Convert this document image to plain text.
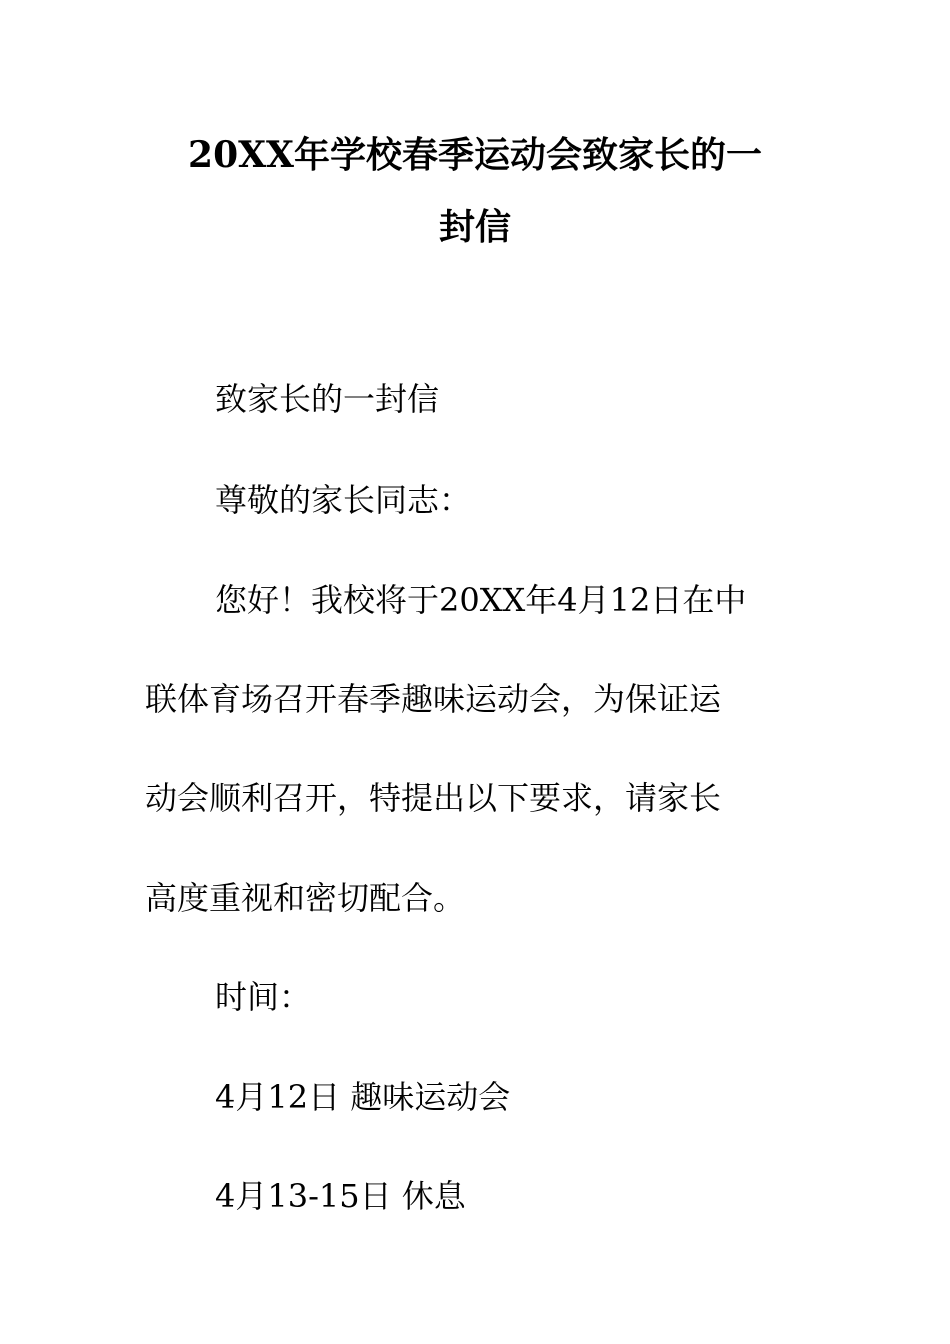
20XX年学校春季运动会致家长的一
封信
致家长的一封信
尊敬的家长同志：
您好！我校将于20XX年4月12日在中
联体育场召开春季趣味运动会，为保证运
动会顺利召开，特提出以下要求，请家长
高度重视和密切配合。
时间：
4月12日 趣味运动会
4月13-15日 休息
